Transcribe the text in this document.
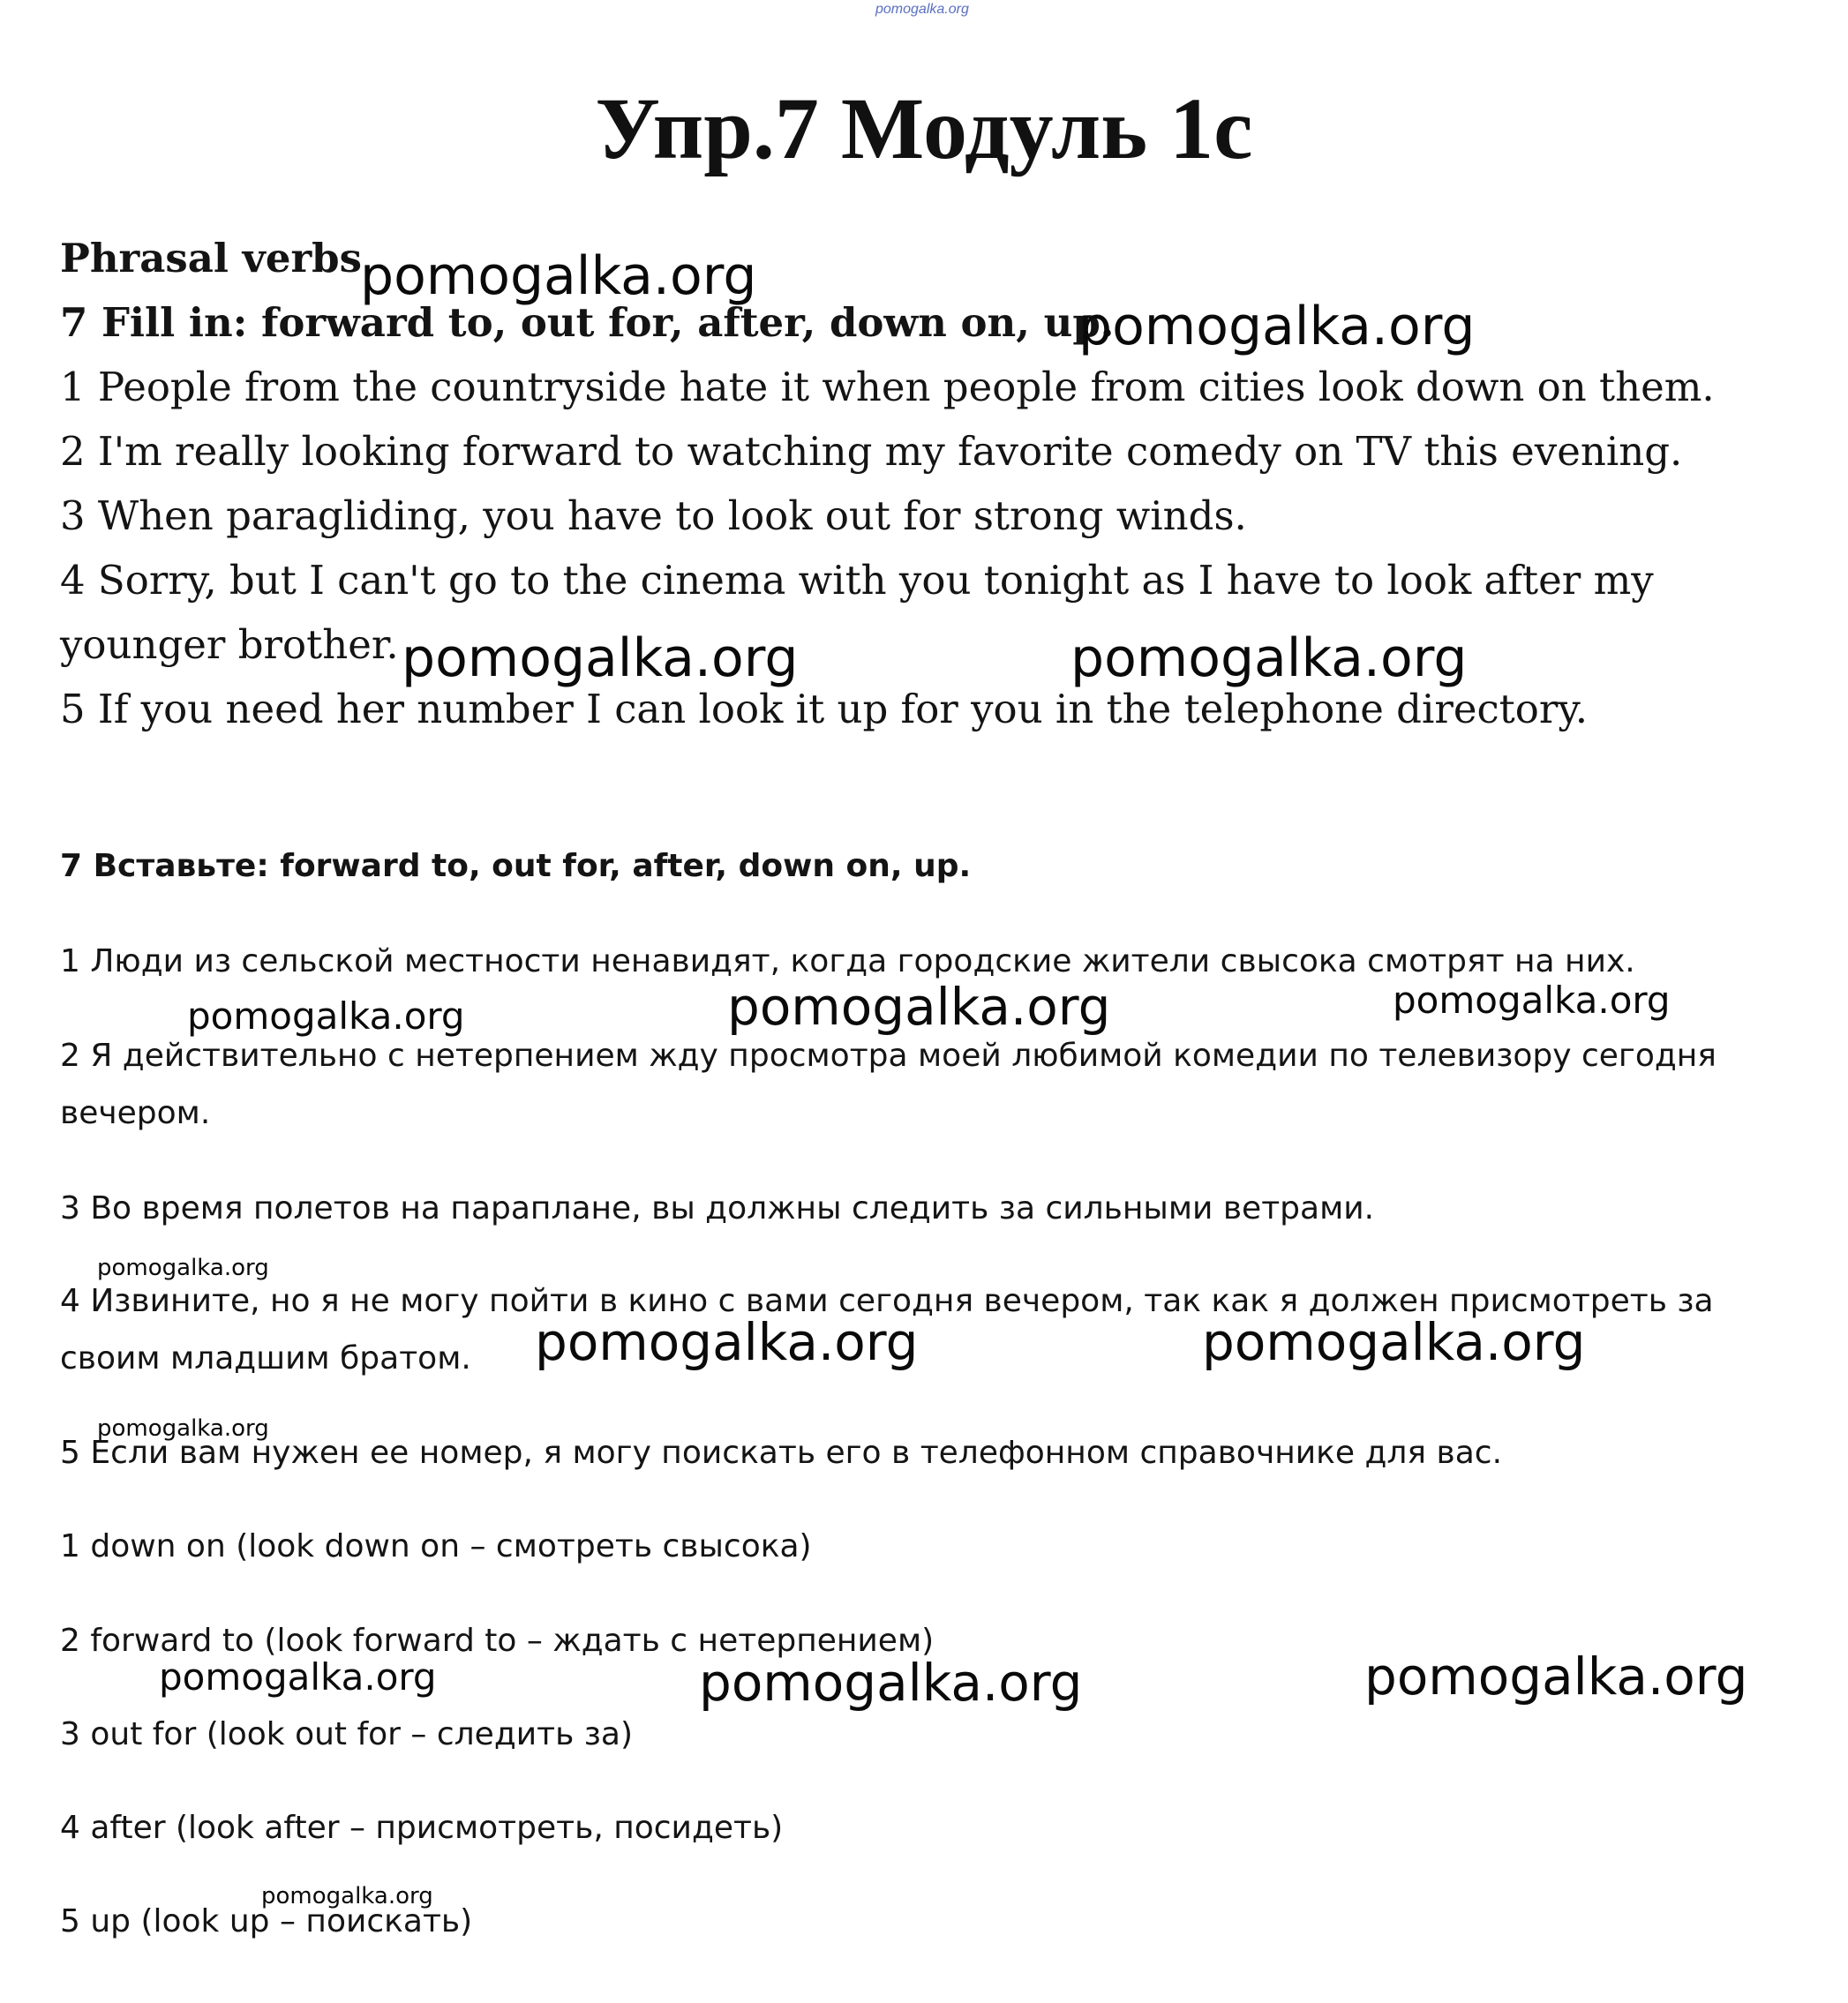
pomogalka.org
Упр.7 Модуль 1с
Phrasal verbs
7 Fill in: forward to, out for, after, down on, up.
1 People from the countryside hate it when people from cities look down on them.
2 I'm really looking forward to watching my favorite comedy on TV this evening.
3 When paragliding, you have to look out for strong winds.
4 Sorry, but I can't go to the cinema with you tonight as I have to look after my
younger brother.
5 If you need her number I can look it up for you in the telephone directory.
7 Вставьте: forward to, out for, after, down on, up.
1 Люди из сельской местности ненавидят, когда городские жители свысока смотрят на них.
2 Я действительно с нетерпением жду просмотра моей любимой комедии по телевизору сегодня
вечером.
3 Во время полетов на параплане, вы должны следить за сильными ветрами.
4 Извините, но я не могу пойти в кино с вами сегодня вечером, так как я должен присмотреть за
своим младшим братом.
5 Если вам нужен ее номер, я могу поискать его в телефонном справочнике для вас.
1 down on (look down on – смотреть свысока)
2 forward to (look forward to – ждать с нетерпением)
3 out for (look out for – следить за)
4 after (look after – присмотреть, посидеть)
5 up (look up – поискать)
pomogalka.org
pomogalka.org
pomogalka.org	pomogalka.org
pomogalka.org	pomogalka.org	pomogalka.org
pomogalka.org
pomogalka.org	pomogalka.org
pomogalka.org
pomogalka.org	pomogalka.org	pomogalka.org
pomogalka.org
